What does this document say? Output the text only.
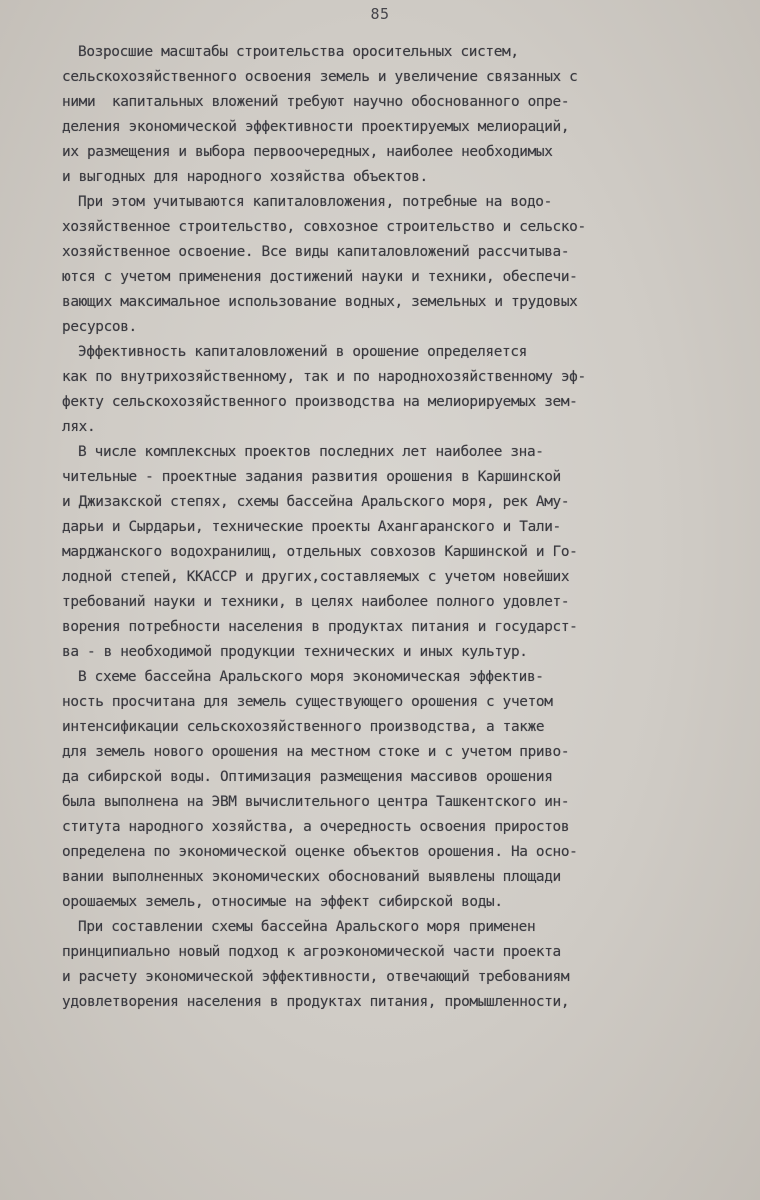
85
Возросшие масштабы строительства оросительных систем,
сельскохозяйственного освоения земель и увеличение связанных с
ними  капитальных вложений требуют научно обоснованного опре-
деления экономической эффективности проектируемых мелиораций,
их размещения и выбора первоочередных, наиболее необходимых
и выгодных для народного хозяйства объектов.
При этом учитываются капиталовложения, потребные на водо-
хозяйственное строительство, совхозное строительство и сельско-
хозяйственное освоение. Все виды капиталовложений рассчитыва-
ются с учетом применения достижений науки и техники, обеспечи-
вающих максимальное использование водных, земельных и трудовых
ресурсов.
Эффективность капиталовложений в орошение определяется
как по внутрихозяйственному, так и по народнохозяйственному эф-
фекту сельскохозяйственного производства на мелиорируемых зем-
лях.
В числе комплексных проектов последних лет наиболее зна-
чительные - проектные задания развития орошения в Каршинской
и Джизакской степях, схемы бассейна Аральского моря, рек Аму-
дарьи и Сырдарьи, технические проекты Ахангаранского и Тали-
марджанского водохранилищ, отдельных совхозов Каршинской и Го-
лодной степей, ККАССР и других,составляемых с учетом новейших
требований науки и техники, в целях наиболее полного удовлет-
ворения потребности населения в продуктах питания и государст-
ва - в необходимой продукции технических и иных культур.
В схеме бассейна Аральского моря экономическая эффектив-
ность просчитана для земель существующего орошения с учетом
интенсификации сельскохозяйственного производства, а также
для земель нового орошения на местном стоке и с учетом приво-
да сибирской воды. Оптимизация размещения массивов орошения
была выполнена на ЭВМ вычислительного центра Ташкентского ин-
ститута народного хозяйства, а очередность освоения приростов
определена по экономической оценке объектов орошения. На осно-
вании выполненных экономических обоснований выявлены площади
орошаемых земель, относимые на эффект сибирской воды.
При составлении схемы бассейна Аральского моря применен
принципиально новый подход к агроэкономической части проекта
и расчету экономической эффективности, отвечающий требованиям
удовлетворения населения в продуктах питания, промышленности,
